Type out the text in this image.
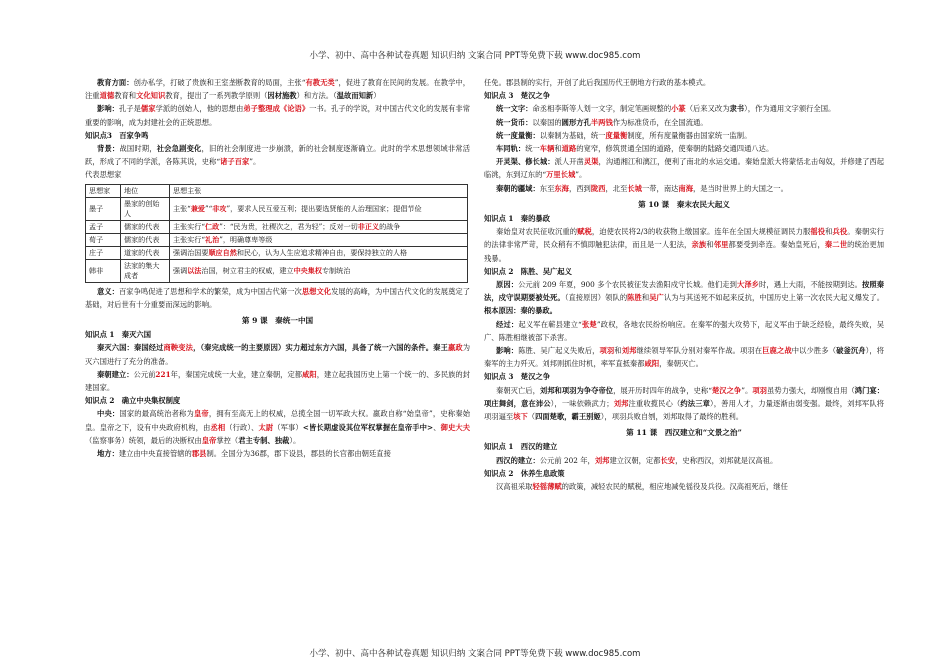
小学、初中、高中各种试卷真题 知识归纳 文案合同 PPT等免费下载 www.doc985.com

教育方面：创办私学，打破了贵族和王室垄断教育的局面，主张“有教无类”，促进了教育在民间的发展。在教学中，注重道德教育和文化知识教育，提出了一系列教学原则（因材施教）和方法。（温故而知新）

影响：孔子是儒家学派的创始人，他的思想由弟子整理成《论语》一书。孔子的学说，对中国古代文化的发展有非常重要的影响，成为封建社会的正统思想。

知识点3　百家争鸣

背景：战国时期，社会急剧变化，旧的社会制度进一步崩溃，新的社会制度逐渐确立。此时的学术思想领域非常活跃，形成了不同的学派，各陈其说，史称“诸子百家”。

代表思想家
思想家	地位	思想主张
墨子	墨家的创始人	主张“兼爱”“非攻”，要求人民互爱互利；提出要选贤能的人治理国家；提倡节俭
孟子	儒家的代表	主张实行“仁政”：“民为贵，社稷次之，君为轻”；反对一切非正义的战争
荀子	儒家的代表	主张实行“礼治”，明确尊卑等级
庄子	道家的代表	强调治国要顺应自然和民心，认为人生应追求精神自由，要保持独立的人格
韩非	法家的集大成者	强调以法治国，树立君主的权威，建立中央集权专制统治

意义：百家争鸣促进了思想和学术的繁荣，成为中国古代第一次思想文化发展的高峰，为中国古代文化的发展奠定了基础，对后世有十分重要而深远的影响。

第 9 课　秦统一中国
知识点 1　秦灭六国

秦灭六国：秦国经过商鞅变法，（秦完成统一的主要原因）实力超过东方六国，具备了统一六国的条件。秦王嬴政为灭六国进行了充分的准备。

秦朝建立：公元前221年，秦国完成统一大业，建立秦朝，定都咸阳，建立起我国历史上第一个统一的、多民族的封建国家。

知识点 2　确立中央集权制度

中央：国家的最高统治者称为皇帝，拥有至高无上的权威，总揽全国一切军政大权。嬴政自称“始皇帝”，史称秦始皇。皇帝之下，设有中央政府机构，由丞相（行政）、太尉（军事）<皆长期虚设其位军权掌握在皇帝手中>、御史大夫（监察事务）统领，最后的决断权由皇帝掌控（君主专制、独裁）。

地方：建立由中央直接管辖的郡县制。全国分为36郡，郡下设县，郡县的长官都由朝廷直接

任免。郡县制的实行，开创了此后我国历代王朝地方行政的基本模式。
知识点 3　楚汉之争

统一文字：命丞相李斯等人划一文字，制定笔画规整的小篆（后来又改为隶书），作为通用文字颁行全国。

统一货币：以秦国的圆形方孔半两钱作为标准货币，在全国流通。

统一度量衡：以秦制为基础，统一度量衡制度，所有度量衡器由国家统一监制。

车同轨：统一车辆和道路的宽窄，修筑贯通全国的道路，使秦朝的陆路交通四通八达。

开灵渠、修长城：派人开凿灵渠，沟通湘江和漓江，便利了南北的水运交通。秦始皇派大将蒙恬北击匈奴，并修建了西起临洮，东到辽东的“万里长城”。

秦朝的疆域：东至东海，西到陇西，北至长城一带，南达南海，是当时世界上的大国之一。

第 10 课　秦末农民大起义
知识点 1　秦的暴政

秦始皇对农民征收沉重的赋税，迫使农民将2/3的收获物上缴国家。连年在全国大规模征调民力服徭役和兵役。秦朝实行的法律非常严苛，民众稍有不慎即触犯法律，而且是一人犯法，亲族和邻里都要受到牵连。秦始皇死后，秦二世的统治更加残暴。

知识点 2　陈胜、吴广起义

原因：公元前 209 年夏，900 多个农民被征发去渔阳戍守长城。他们走到大泽乡时，遇上大雨，不能按期到达。按照秦法，戍守误期要被处死。（直接原因）领队的陈胜和吴广认为与其送死不如起来反抗，中国历史上第一次农民大起义爆发了。根本原因：秦的暴政。

经过：起义军在蕲县建立“张楚”政权，各地农民纷纷响应。在秦军的强大攻势下，起义军由于缺乏经验，最终失败，吴广、陈胜相继被部下杀害。

影响：陈胜、吴广起义失败后，项羽和刘邦继续领导军队分别对秦军作战。项羽在巨鹿之战中以少胜多（破釜沉舟），将秦军的主力歼灭。刘邦则抓住时机，率军直抵秦都咸阳，秦朝灭亡。

知识点 3　楚汉之争

秦朝灭亡后，刘邦和项羽为争夺帝位，展开历时四年的战争，史称“楚汉之争”。项羽虽势力强大，却刚愎自用（鸿门宴：项庄舞剑，意在沛公），一味依赖武力；刘邦注重收揽民心（约法三章），善用人才，力量逐渐由弱变强。最终，刘邦军队将项羽逼至垓下（四面楚歌，霸王别姬），项羽兵败自刎，刘邦取得了最终的胜利。

第 11 课　西汉建立和“文景之治”
知识点 1　西汉的建立

西汉的建立：公元前 202 年，刘邦建立汉朝，定都长安，史称西汉，刘邦就是汉高祖。

知识点 2　休养生息政策

汉高祖采取轻徭薄赋的政策，减轻农民的赋税，相应地减免徭役及兵役。汉高祖死后，继任

小学、初中、高中各种试卷真题 知识归纳 文案合同 PPT等免费下载 www.doc985.com
